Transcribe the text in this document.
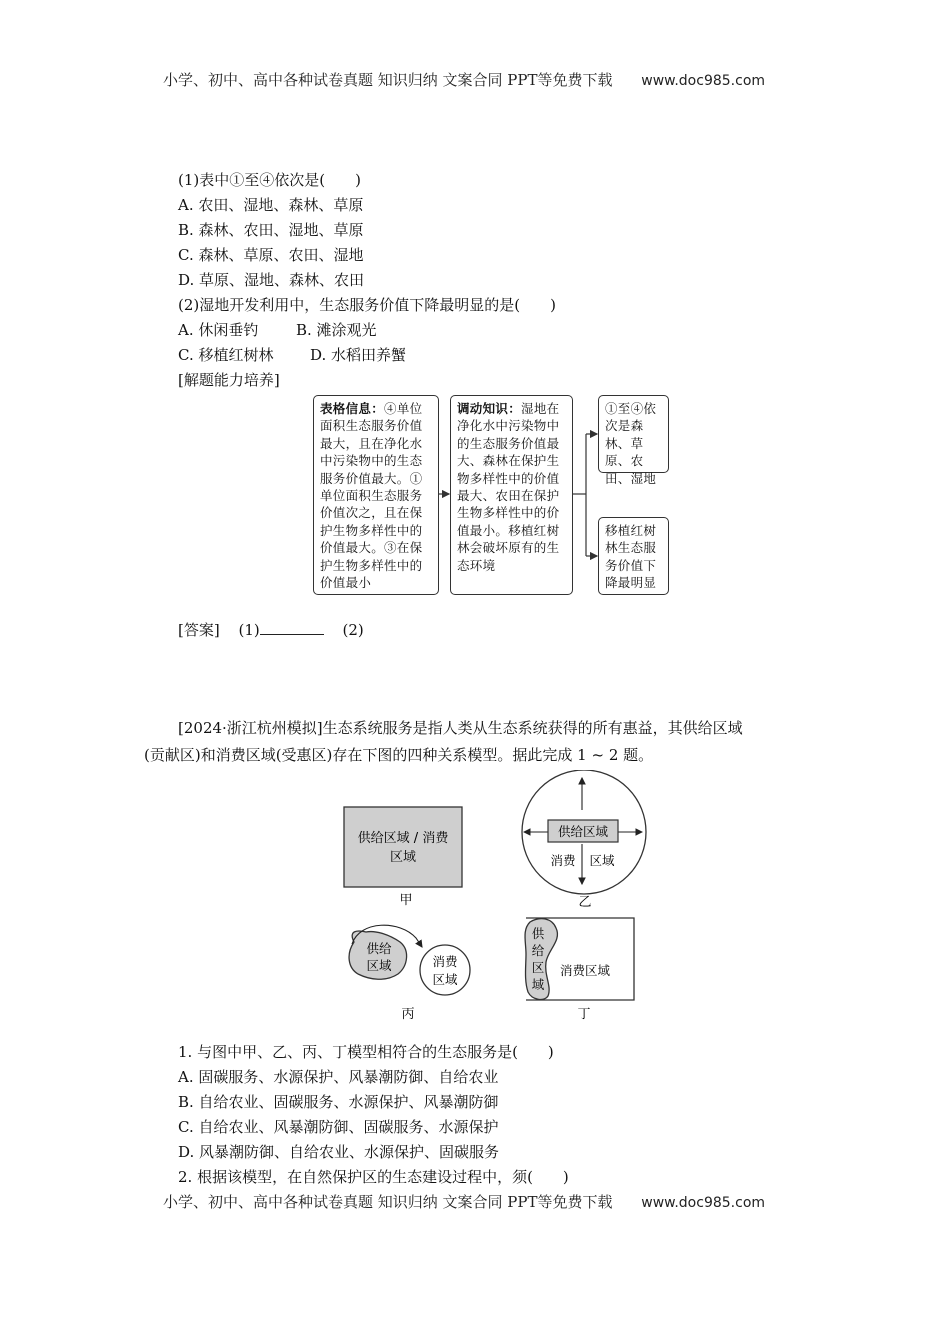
小学、初中、高中各种试卷真题 知识归纳 文案合同 PPT等免费下载 www.doc985.com
(1)表中①至④依次是(　　)
A. 农田、湿地、森林、草原
B. 森林、农田、湿地、草原
C. 森林、草原、农田、湿地
D. 草原、湿地、森林、农田
(2)湿地开发利用中，生态服务价值下降最明显的是(　　)
A. 休闲垂钓	B. 滩涂观光
C. 移植红树林 D. 水稻田养蟹
[解题能力培养]
表格信息：④单位面积生态服务价值最大，且在净化水中污染物中的生态服务价值最大。①单位面积生态服务价值次之，且在保护生物多样性中的价值最大。③在保护生物多样性中的价值最小
调动知识：湿地在净化水中污染物中的生态服务价值最大、森林在保护生物多样性中的价值最大、农田在保护生物多样性中的价值最小。移植红树林会破坏原有的生态环境
①至④依次是森林、草原、农田、湿地
移植红树林生态服务价值下降最明显
[答案] (1)	(2)
[2024·浙江杭州模拟]生态系统服务是指人类从生态系统获得的所有惠益，其供给区域
(贡献区)和消费区域(受惠区)存在下图的四种关系模型。据此完成 1 ~ 2 题。
供给区域 / 消费
区域
甲
供给区域
消费 区域
乙
供给
区域	消费
区域
丙
供
给
区
域
消费区域
丁
1. 与图中甲、乙、丙、丁模型相符合的生态服务是(　　)
A. 固碳服务、水源保护、风暴潮防御、自给农业
B. 自给农业、固碳服务、水源保护、风暴潮防御
C. 自给农业、风暴潮防御、固碳服务、水源保护
D. 风暴潮防御、自给农业、水源保护、固碳服务
2. 根据该模型，在自然保护区的生态建设过程中，须(　　)
小学、初中、高中各种试卷真题 知识归纳 文案合同 PPT等免费下载 www.doc985.com
